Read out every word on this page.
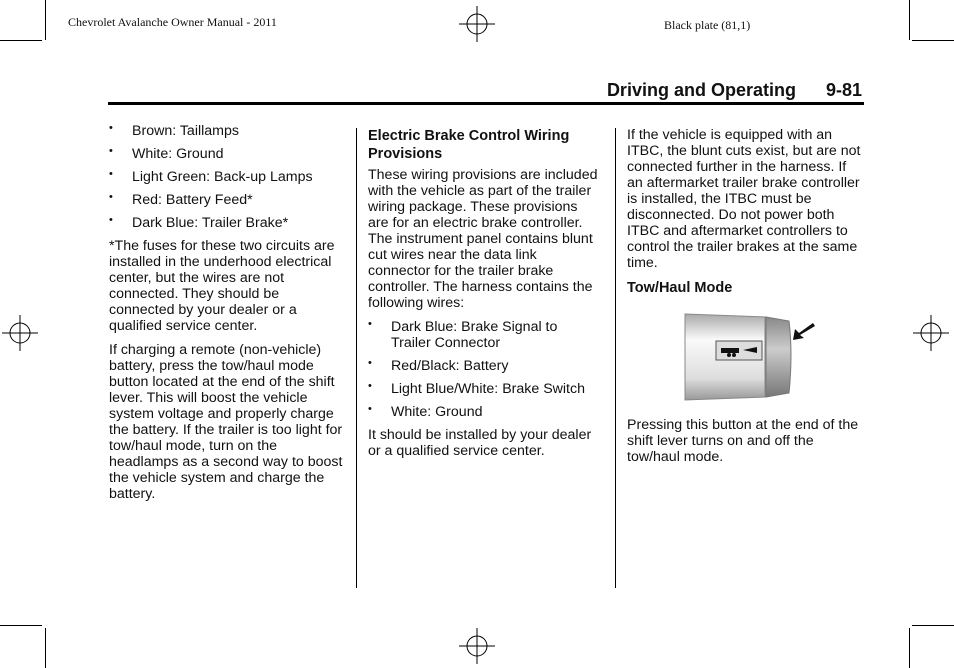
Chevrolet Avalanche Owner Manual - 2011	Black plate (81,1)
Driving and Operating 9-81
• Brown: Taillamps
• White: Ground
• Light Green: Back-up Lamps
• Red: Battery Feed*
• Dark Blue: Trailer Brake*

*The fuses for these two circuits are installed in the underhood electrical center, but the wires are not connected. They should be connected by your dealer or a qualified service center.

If charging a remote (non-vehicle) battery, press the tow/haul mode button located at the end of the shift lever. This will boost the vehicle system voltage and properly charge the battery. If the trailer is too light for tow/haul mode, turn on the headlamps as a second way to boost the vehicle system and charge the battery.

Electric Brake Control Wiring Provisions

These wiring provisions are included with the vehicle as part of the trailer wiring package. These provisions are for an electric brake controller. The instrument panel contains blunt cut wires near the data link connector for the trailer brake controller. The harness contains the following wires:

• Dark Blue: Brake Signal to Trailer Connector
• Red/Black: Battery
• Light Blue/White: Brake Switch
• White: Ground

It should be installed by your dealer or a qualified service center.

If the vehicle is equipped with an ITBC, the blunt cuts exist, but are not connected further in the harness. If an aftermarket trailer brake controller is installed, the ITBC must be disconnected. Do not power both ITBC and aftermarket controllers to control the trailer brakes at the same time.

Tow/Haul Mode

Pressing this button at the end of the shift lever turns on and off the tow/haul mode.
